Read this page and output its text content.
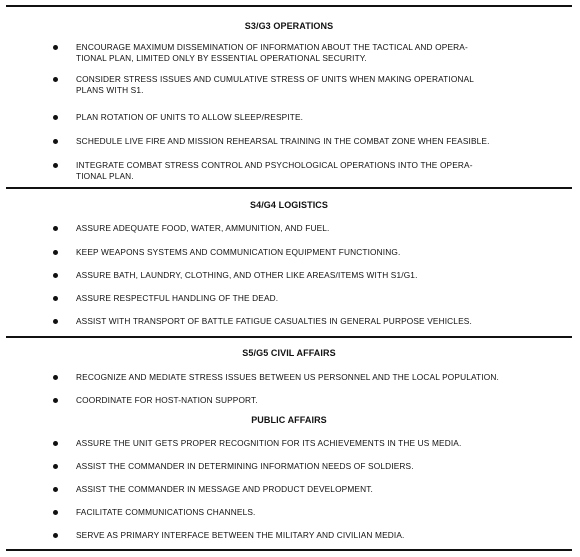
S3/G3 OPERATIONS
ENCOURAGE MAXIMUM DISSEMINATION OF INFORMATION ABOUT THE TACTICAL AND OPERA-
TIONAL PLAN, LIMITED ONLY BY ESSENTIAL OPERATIONAL SECURITY.
CONSIDER STRESS ISSUES AND CUMULATIVE STRESS OF UNITS WHEN MAKING OPERATIONAL
PLANS WITH S1.
PLAN ROTATION OF UNITS TO ALLOW SLEEP/RESPITE.
SCHEDULE LIVE FIRE AND MISSION REHEARSAL TRAINING IN THE COMBAT ZONE WHEN FEASIBLE.
INTEGRATE COMBAT STRESS CONTROL AND PSYCHOLOGICAL OPERATIONS INTO THE OPERA-
TIONAL PLAN.
S4/G4 LOGISTICS
ASSURE ADEQUATE FOOD, WATER, AMMUNITION, AND FUEL.
KEEP WEAPONS SYSTEMS AND COMMUNICATION EQUIPMENT FUNCTIONING.
ASSURE BATH, LAUNDRY, CLOTHING, AND OTHER LIKE AREAS/ITEMS WITH S1/G1.
ASSURE RESPECTFUL HANDLING OF THE DEAD.
ASSIST WITH TRANSPORT OF BATTLE FATIGUE CASUALTIES IN GENERAL PURPOSE VEHICLES.
S5/G5 CIVIL AFFAIRS
RECOGNIZE AND MEDIATE STRESS ISSUES BETWEEN US PERSONNEL AND THE LOCAL POPULATION.
COORDINATE FOR HOST-NATION SUPPORT.
PUBLIC AFFAIRS
ASSURE THE UNIT GETS PROPER RECOGNITION FOR ITS ACHIEVEMENTS IN THE US MEDIA.
ASSIST THE COMMANDER IN DETERMINING INFORMATION NEEDS OF SOLDIERS.
ASSIST THE COMMANDER IN MESSAGE AND PRODUCT DEVELOPMENT.
FACILITATE COMMUNICATIONS CHANNELS.
SERVE AS PRIMARY INTERFACE BETWEEN THE MILITARY AND CIVILIAN MEDIA.
